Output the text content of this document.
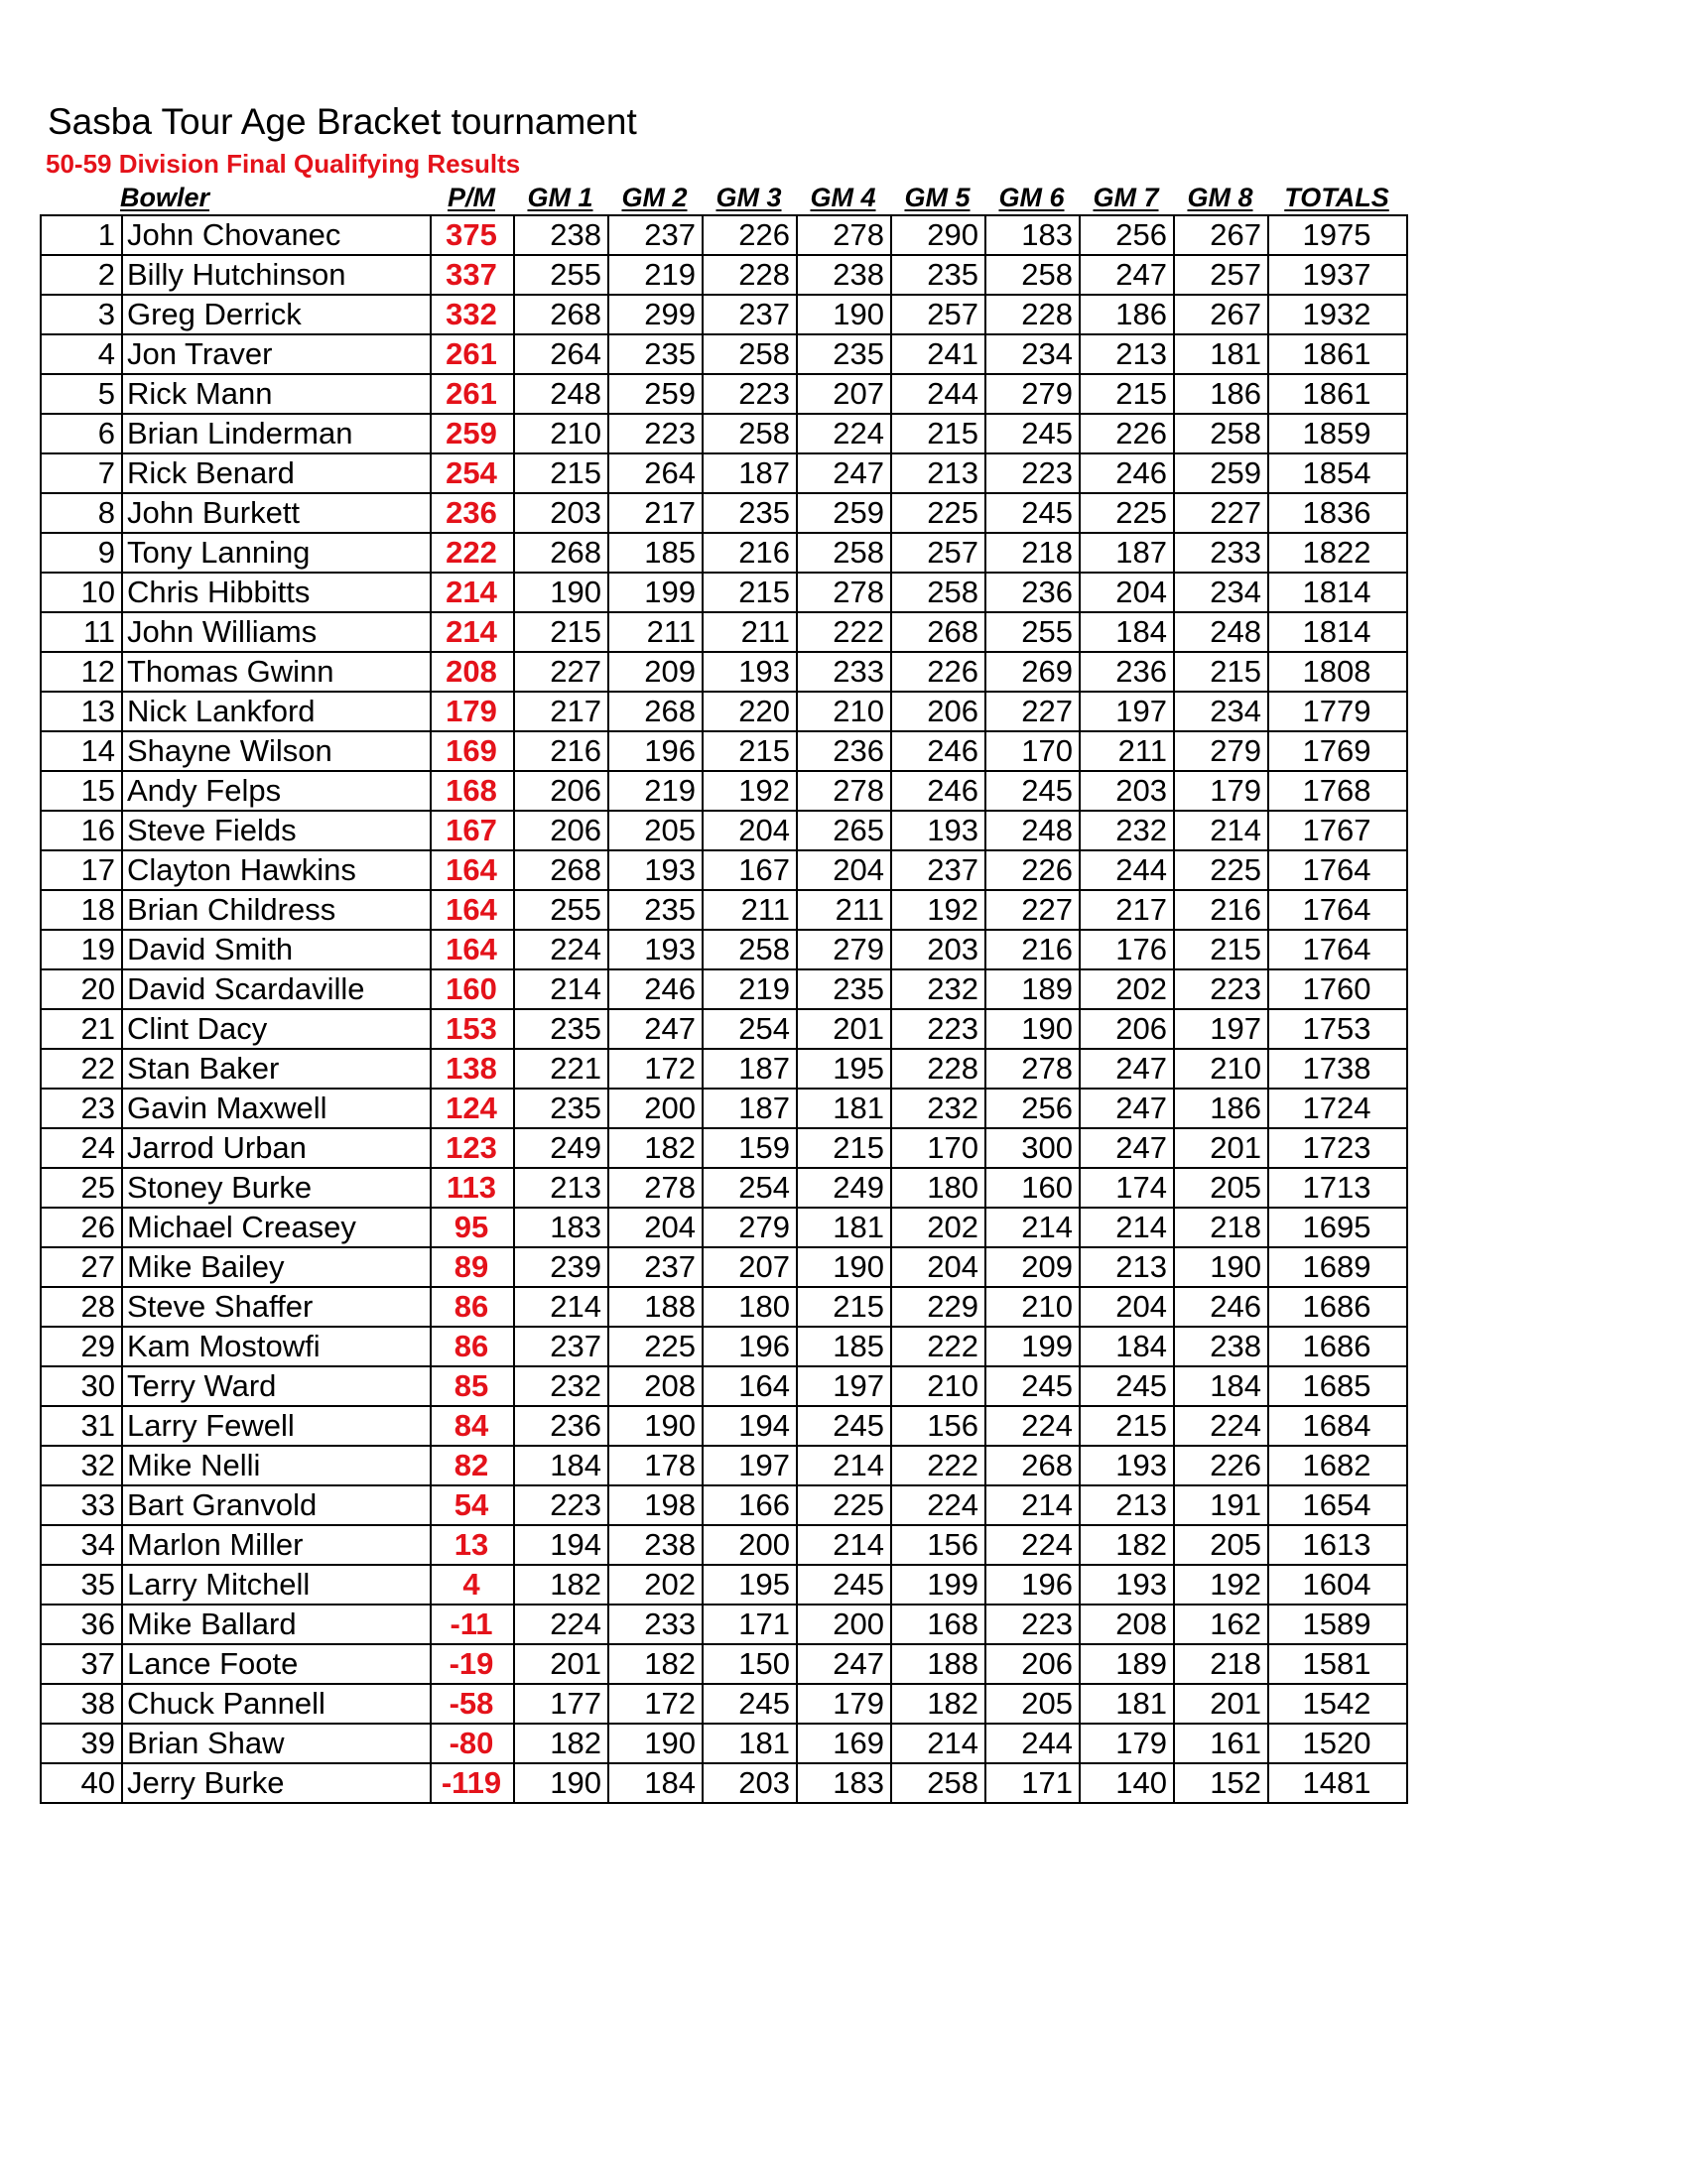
Sasba Tour Age Bracket tournament
50-59 Division Final Qualifying Results
Bowler	P/M	GM 1	GM 2	GM 3	GM 4	GM 5	GM 6	GM 7	GM 8	TOTALS
1	John Chovanec	375	238	237	226	278	290	183	256	267	1975
2	Billy Hutchinson	337	255	219	228	238	235	258	247	257	1937
3	Greg Derrick	332	268	299	237	190	257	228	186	267	1932
4	Jon Traver	261	264	235	258	235	241	234	213	181	1861
5	Rick Mann	261	248	259	223	207	244	279	215	186	1861
6	Brian Linderman	259	210	223	258	224	215	245	226	258	1859
7	Rick Benard	254	215	264	187	247	213	223	246	259	1854
8	John Burkett	236	203	217	235	259	225	245	225	227	1836
9	Tony Lanning	222	268	185	216	258	257	218	187	233	1822
10	Chris Hibbitts	214	190	199	215	278	258	236	204	234	1814
11	John Williams	214	215	211	211	222	268	255	184	248	1814
12	Thomas Gwinn	208	227	209	193	233	226	269	236	215	1808
13	Nick Lankford	179	217	268	220	210	206	227	197	234	1779
14	Shayne Wilson	169	216	196	215	236	246	170	211	279	1769
15	Andy Felps	168	206	219	192	278	246	245	203	179	1768
16	Steve Fields	167	206	205	204	265	193	248	232	214	1767
17	Clayton Hawkins	164	268	193	167	204	237	226	244	225	1764
18	Brian Childress	164	255	235	211	211	192	227	217	216	1764
19	David Smith	164	224	193	258	279	203	216	176	215	1764
20	David Scardaville	160	214	246	219	235	232	189	202	223	1760
21	Clint Dacy	153	235	247	254	201	223	190	206	197	1753
22	Stan Baker	138	221	172	187	195	228	278	247	210	1738
23	Gavin Maxwell	124	235	200	187	181	232	256	247	186	1724
24	Jarrod Urban	123	249	182	159	215	170	300	247	201	1723
25	Stoney Burke	113	213	278	254	249	180	160	174	205	1713
26	Michael Creasey	95	183	204	279	181	202	214	214	218	1695
27	Mike Bailey	89	239	237	207	190	204	209	213	190	1689
28	Steve Shaffer	86	214	188	180	215	229	210	204	246	1686
29	Kam Mostowfi	86	237	225	196	185	222	199	184	238	1686
30	Terry Ward	85	232	208	164	197	210	245	245	184	1685
31	Larry Fewell	84	236	190	194	245	156	224	215	224	1684
32	Mike Nelli	82	184	178	197	214	222	268	193	226	1682
33	Bart Granvold	54	223	198	166	225	224	214	213	191	1654
34	Marlon Miller	13	194	238	200	214	156	224	182	205	1613
35	Larry Mitchell	4	182	202	195	245	199	196	193	192	1604
36	Mike Ballard	-11	224	233	171	200	168	223	208	162	1589
37	Lance Foote	-19	201	182	150	247	188	206	189	218	1581
38	Chuck Pannell	-58	177	172	245	179	182	205	181	201	1542
39	Brian Shaw	-80	182	190	181	169	214	244	179	161	1520
40	Jerry Burke	-119	190	184	203	183	258	171	140	152	1481
